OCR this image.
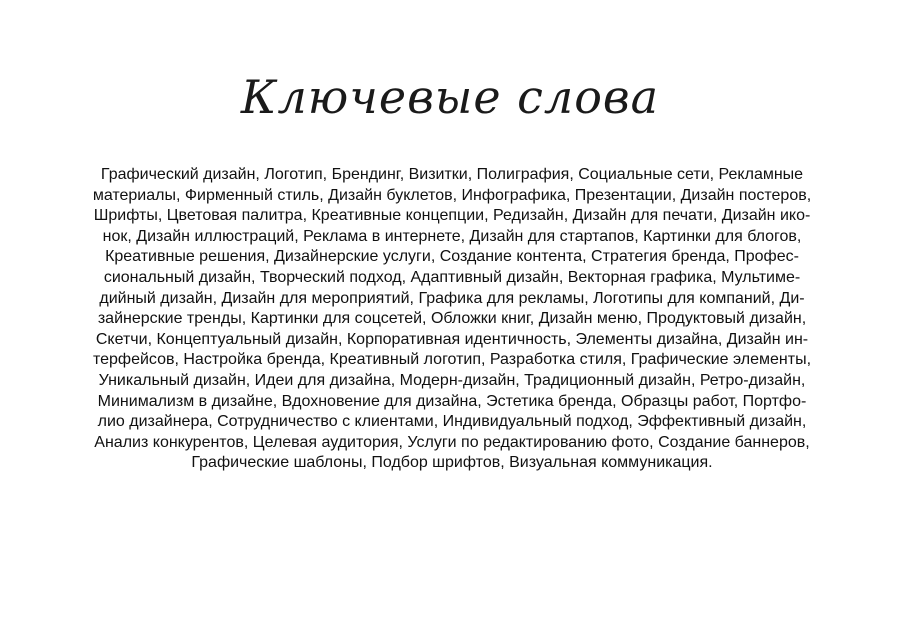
Ключевые слова

Графический дизайн, Логотип, Брендинг, Визитки, Полиграфия, Социальные сети, Рекламные
материалы, Фирменный стиль, Дизайн буклетов, Инфографика, Презентации, Дизайн постеров,
Шрифты, Цветовая палитра, Креативные концепции, Редизайн, Дизайн для печати, Дизайн ико-
нок, Дизайн иллюстраций, Реклама в интернете, Дизайн для стартапов, Картинки для блогов,
Креативные решения, Дизайнерские услуги, Создание контента, Стратегия бренда, Профес-
сиональный дизайн, Творческий подход, Адаптивный дизайн, Векторная графика, Мультиме-
дийный дизайн, Дизайн для мероприятий, Графика для рекламы, Логотипы для компаний, Ди-
зайнерские тренды, Картинки для соцсетей, Обложки книг, Дизайн меню, Продуктовый дизайн,
Скетчи, Концептуальный дизайн, Корпоративная идентичность, Элементы дизайна, Дизайн ин-
терфейсов, Настройка бренда, Креативный логотип, Разработка стиля, Графические элементы,
Уникальный дизайн, Идеи для дизайна, Модерн-дизайн, Традиционный дизайн, Ретро-дизайн,
Минимализм в дизайне, Вдохновение для дизайна, Эстетика бренда, Образцы работ, Портфо-
лио дизайнера, Сотрудничество с клиентами, Индивидуальный подход, Эффективный дизайн,
Анализ конкурентов, Целевая аудитория, Услуги по редактированию фото, Создание баннеров,
Графические шаблоны, Подбор шрифтов, Визуальная коммуникация.
